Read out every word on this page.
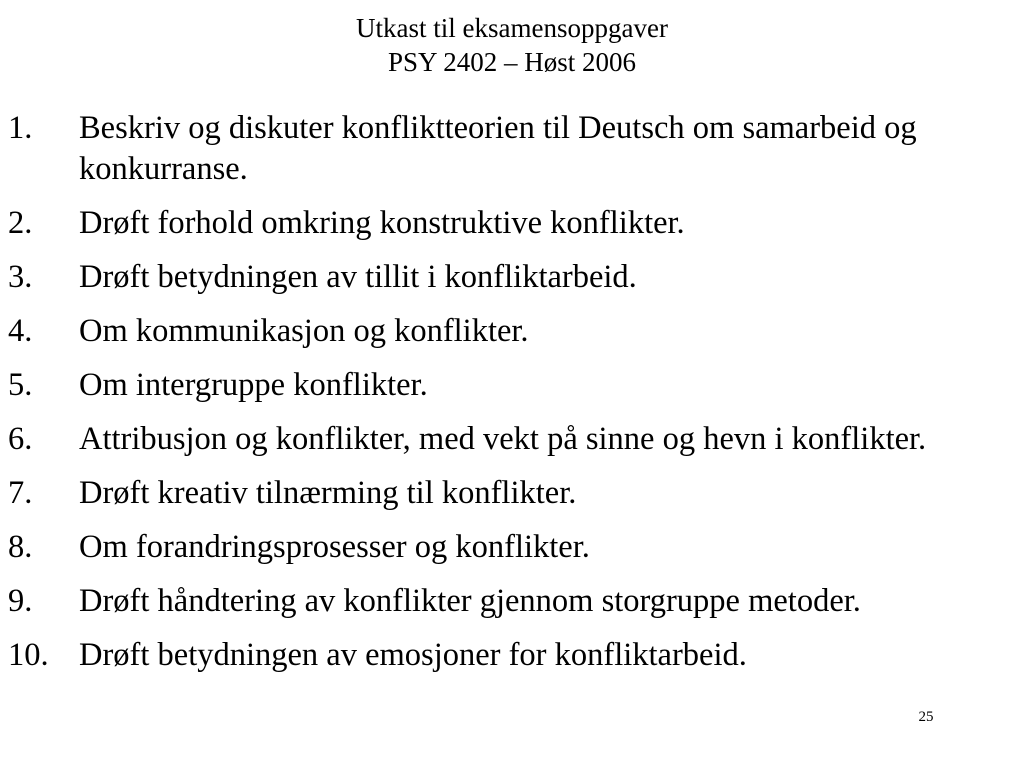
Utkast til eksamensoppgaver
PSY 2402 – Høst 2006
1.	Beskriv og diskuter konfliktteorien til Deutsch om samarbeid og konkurranse.
2.	Drøft forhold omkring konstruktive konflikter.
3.	Drøft betydningen av tillit i konfliktarbeid.
4.	Om kommunikasjon og konflikter.
5.	Om intergruppe konflikter.
6.	Attribusjon og konflikter, med vekt på sinne og hevn i konflikter.
7.	Drøft kreativ tilnærming til konflikter.
8.	Om forandringsprosesser og konflikter.
9.	Drøft håndtering av konflikter gjennom storgruppe metoder.
10. Drøft betydningen av emosjoner for konfliktarbeid.
25
